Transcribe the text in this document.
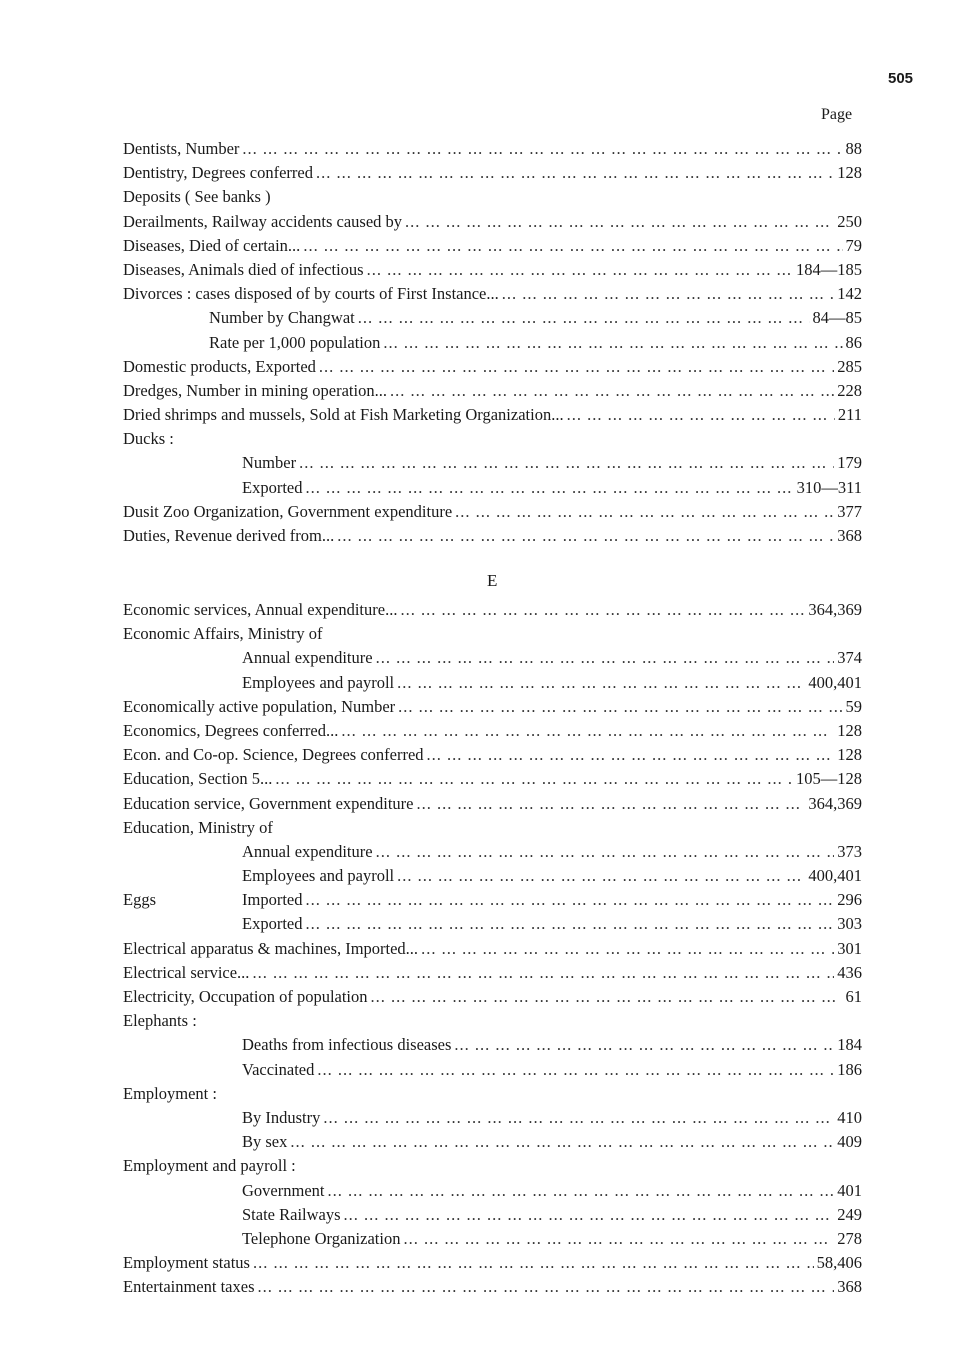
505
Page
Dentists, Number ... .	88
Dentistry, Degrees conferred ... .	128
Deposits ( See banks )
Derailments, Railway accidents caused by ... .	250
Diseases, Died of certain... ... .	79
Diseases, Animals died of infectious ... .	184—185
Divorces : cases disposed of by courts of First Instance... ... .	142
Number by Changwat ... .	84—85
Rate per 1,000 population ... .	86
Domestic products, Exported ... .	285
Dredges, Number in mining operation... ... .	228
Dried shrimps and mussels, Sold at Fish Marketing Organization... ... .	211
Ducks :
Number ... .	179
Exported ... .	310—311
Dusit Zoo Organization, Government expenditure ... .	377
Duties, Revenue derived from... ... .	368
E
Economic services, Annual expenditure... ... .	364,369
Economic Affairs, Ministry of
Annual expenditure ... .	374
Employees and payroll ... .	400,401
Economically active population, Number ... .	59
Economics, Degrees conferred... ... .	128
Econ. and Co-op. Science, Degrees conferred ... .	128
Education, Section 5... ... .	105—128
Education service, Government expenditure ... .	364,369
Education, Ministry of
Annual expenditure ... .	373
Employees and payroll ... .	400,401
Eggs	Imported ... .	296
Exported ... .	303
Electrical apparatus & machines, Imported... ... .	301
Electrical service... ... .	436
Electricity, Occupation of population ... .	61
Elephants :
Deaths from infectious diseases ... .	184
Vaccinated ... .	186
Employment :
By Industry ... .	410
By sex ... .	409
Employment and payroll :
Government ... .	401
State Railways ... .	249
Telephone Organization ... .	278
Employment status ... .	58,406
Entertainment taxes ... .	368
